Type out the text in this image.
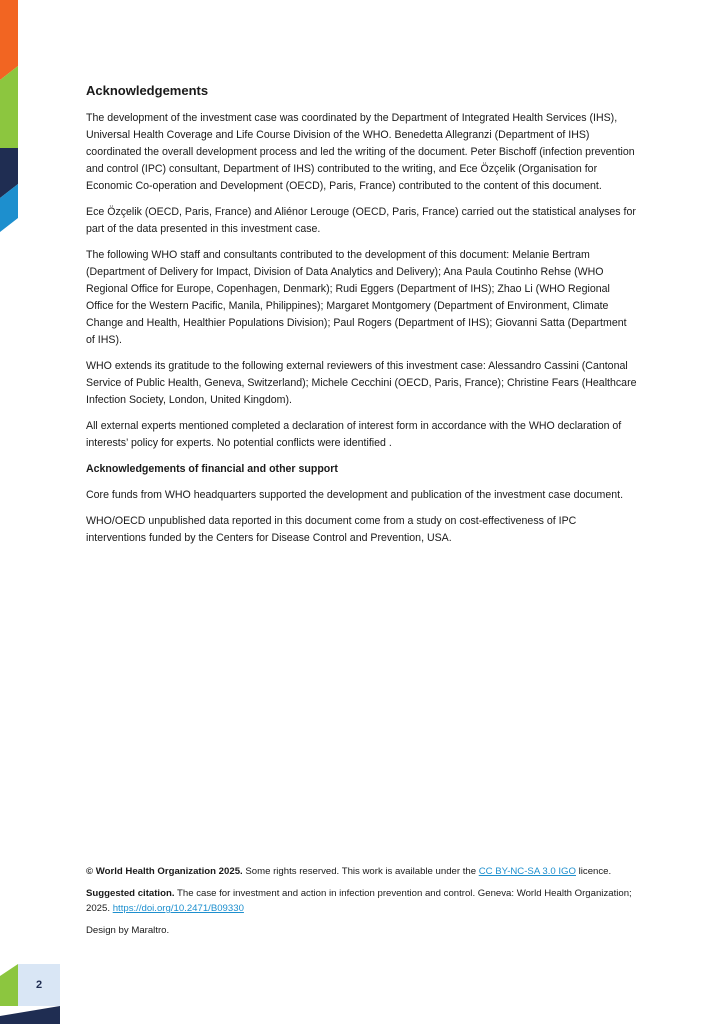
Acknowledgements

The development of the investment case was coordinated by the Department of Integrated Health Services (IHS), Universal Health Coverage and Life Course Division of the WHO. Benedetta Allegranzi (Department of IHS) coordinated the overall development process and led the writing of the document. Peter Bischoff (infection prevention and control (IPC) consultant, Department of IHS) contributed to the writing, and Ece Özçelik (Organisation for Economic Co-operation and Development (OECD), Paris, France) contributed to the content of this document.

Ece Özçelik (OECD, Paris, France) and Aliénor Lerouge (OECD, Paris, France) carried out the statistical analyses for part of the data presented in this investment case.

The following WHO staff and consultants contributed to the development of this document: Melanie Bertram (Department of Delivery for Impact, Division of Data Analytics and Delivery); Ana Paula Coutinho Rehse (WHO Regional Office for Europe, Copenhagen, Denmark); Rudi Eggers (Department of IHS); Zhao Li (WHO Regional Office for the Western Pacific, Manila, Philippines); Margaret Montgomery (Department of Environment, Climate Change and Health, Healthier Populations Division); Paul Rogers (Department of IHS); Giovanni Satta (Department of IHS).

WHO extends its gratitude to the following external reviewers of this investment case: Alessandro Cassini (Cantonal Service of Public Health, Geneva, Switzerland); Michele Cecchini (OECD, Paris, France); Christine Fears (Healthcare Infection Society, London, United Kingdom).

All external experts mentioned completed a declaration of interest form in accordance with the WHO declaration of interests’ policy for experts. No potential conflicts were identified .

Acknowledgements of financial and other support

Core funds from WHO headquarters supported the development and publication of the investment case document.

WHO/OECD unpublished data reported in this document come from a study on cost-effectiveness of IPC interventions funded by the Centers for Disease Control and Prevention, USA.

© World Health Organization 2025. Some rights reserved. This work is available under the CC BY-NC-SA 3.0 IGO licence.

Suggested citation. The case for investment and action in infection prevention and control. Geneva: World Health Organization; 2025. https://doi.org/10.2471/B09330

Design by Maraltro.

2
